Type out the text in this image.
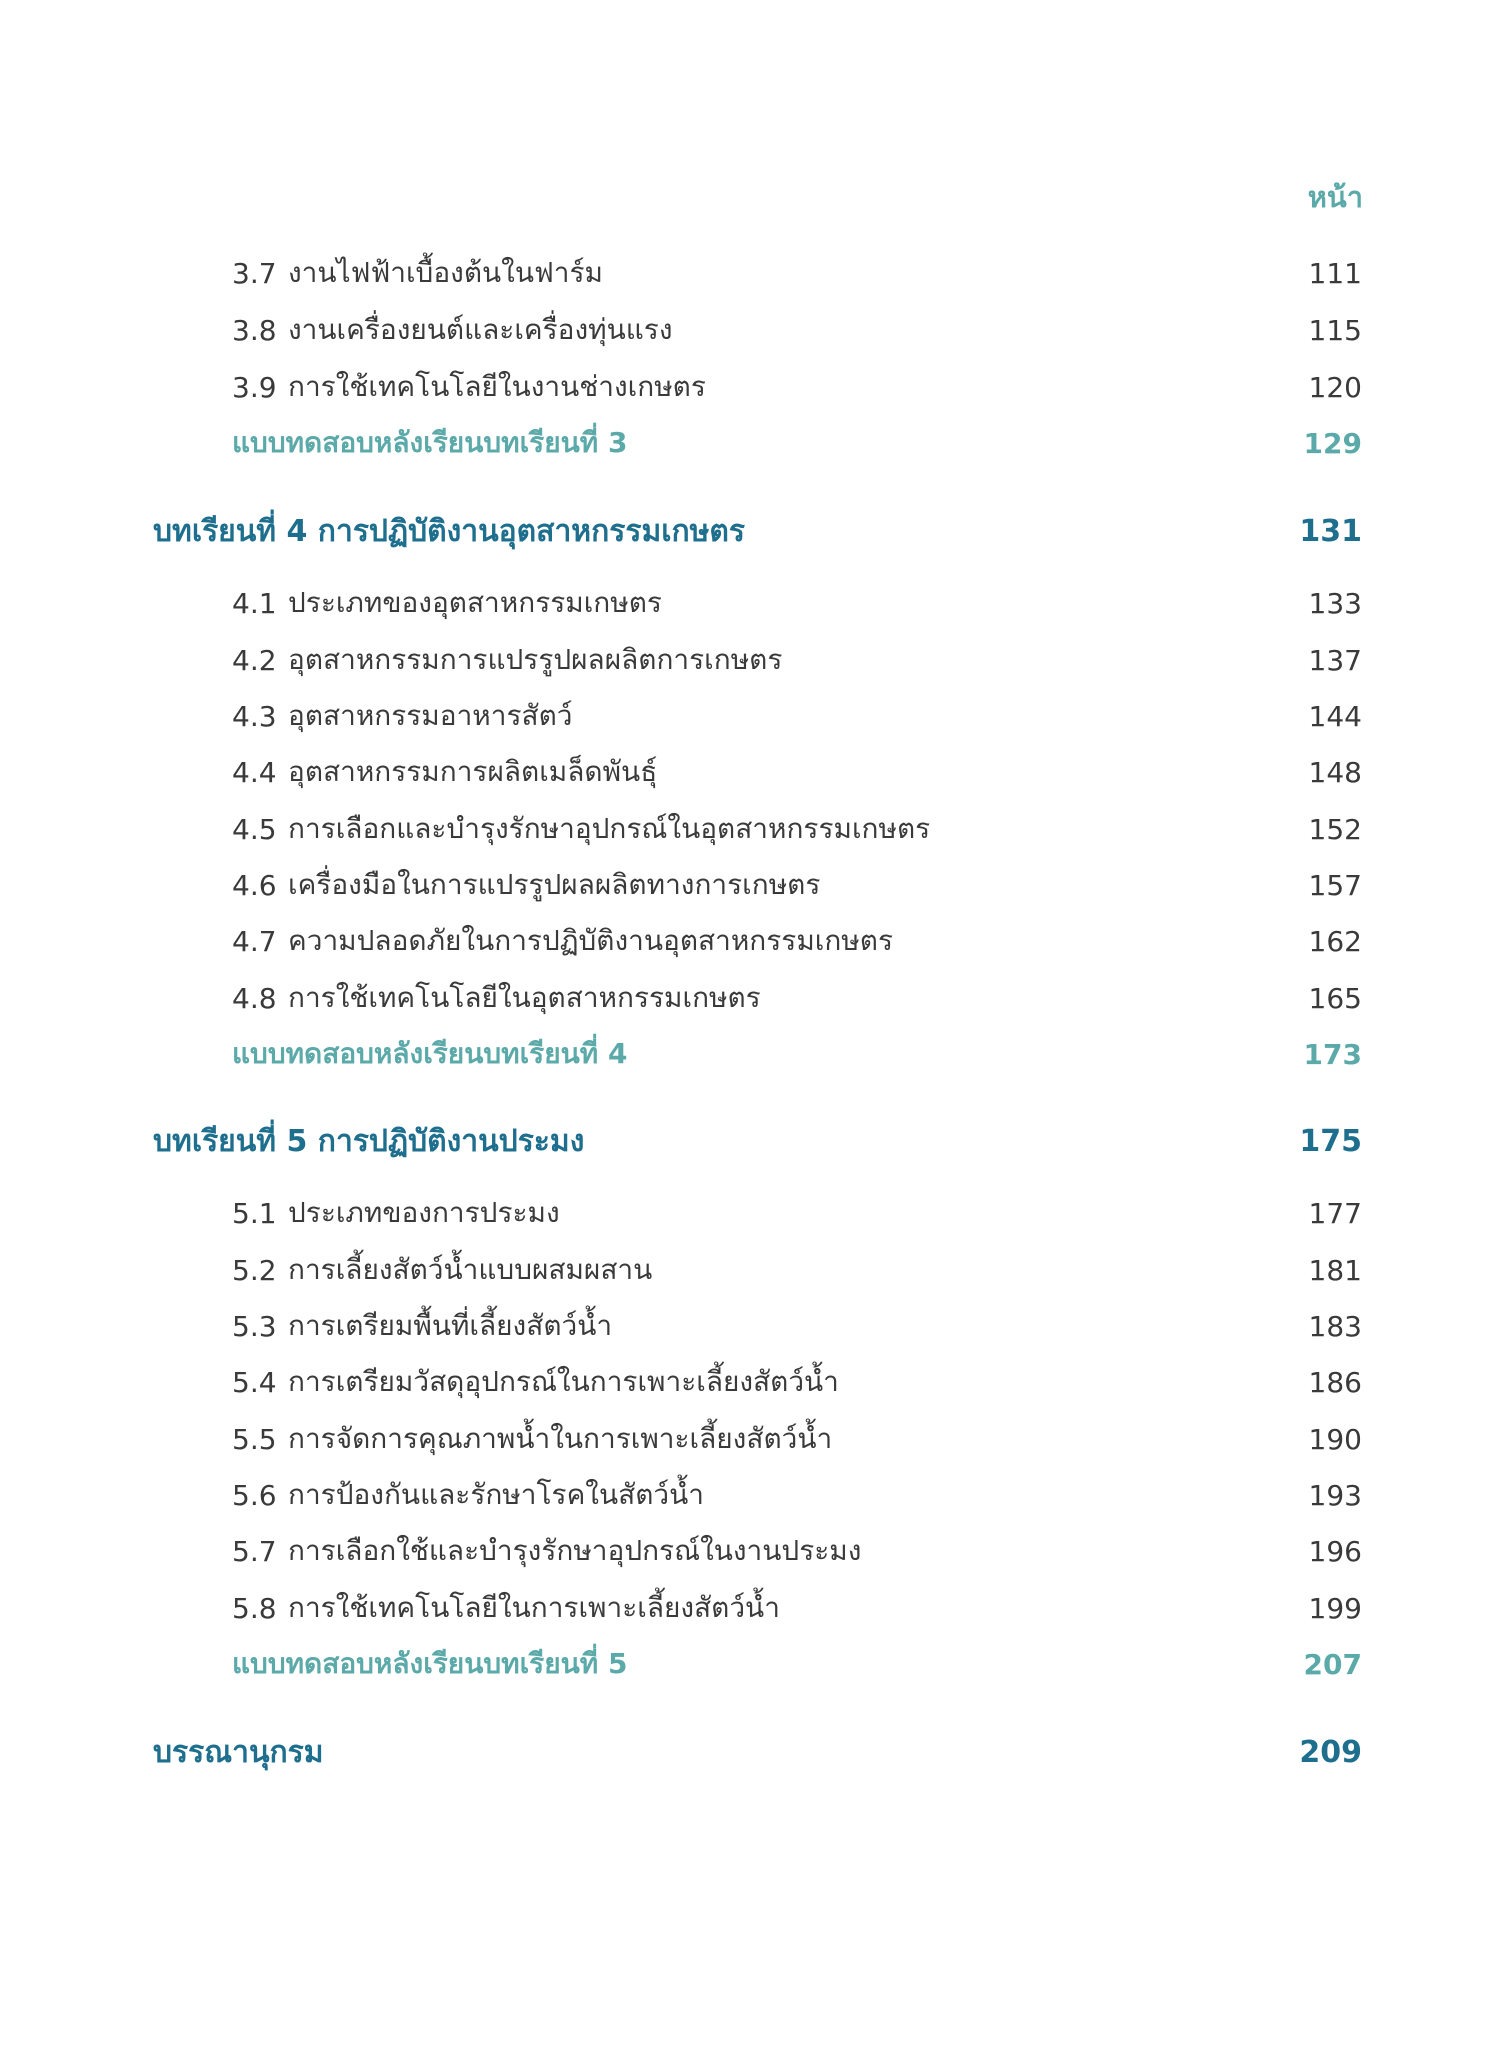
หน้า
3.7 งานไฟฟ้าเบื้องต้นในฟาร์ม	111
3.8 งานเครื่องยนต์และเครื่องทุ่นแรง	115
3.9 การใช้เทคโนโลยีในงานช่างเกษตร	120
แบบทดสอบหลังเรียนบทเรียนที่ 3	129
บทเรียนที่ 4 การปฏิบัติงานอุตสาหกรรมเกษตร	131
4.1 ประเภทของอุตสาหกรรมเกษตร	133
4.2 อุตสาหกรรมการแปรรูปผลผลิตการเกษตร	137
4.3 อุตสาหกรรมอาหารสัตว์	144
4.4 อุตสาหกรรมการผลิตเมล็ดพันธุ์	148
4.5 การเลือกและบำรุงรักษาอุปกรณ์ในอุตสาหกรรมเกษตร	152
4.6 เครื่องมือในการแปรรูปผลผลิตทางการเกษตร	157
4.7 ความปลอดภัยในการปฏิบัติงานอุตสาหกรรมเกษตร	162
4.8 การใช้เทคโนโลยีในอุตสาหกรรมเกษตร	165
แบบทดสอบหลังเรียนบทเรียนที่ 4	173
บทเรียนที่ 5 การปฏิบัติงานประมง	175
5.1 ประเภทของการประมง	177
5.2 การเลี้ยงสัตว์น้ำแบบผสมผสาน	181
5.3 การเตรียมพื้นที่เลี้ยงสัตว์น้ำ	183
5.4 การเตรียมวัสดุอุปกรณ์ในการเพาะเลี้ยงสัตว์น้ำ	186
5.5 การจัดการคุณภาพน้ำในการเพาะเลี้ยงสัตว์น้ำ	190
5.6 การป้องกันและรักษาโรคในสัตว์น้ำ	193
5.7 การเลือกใช้และบำรุงรักษาอุปกรณ์ในงานประมง	196
5.8 การใช้เทคโนโลยีในการเพาะเลี้ยงสัตว์น้ำ	199
แบบทดสอบหลังเรียนบทเรียนที่ 5	207
บรรณานุกรม	209
